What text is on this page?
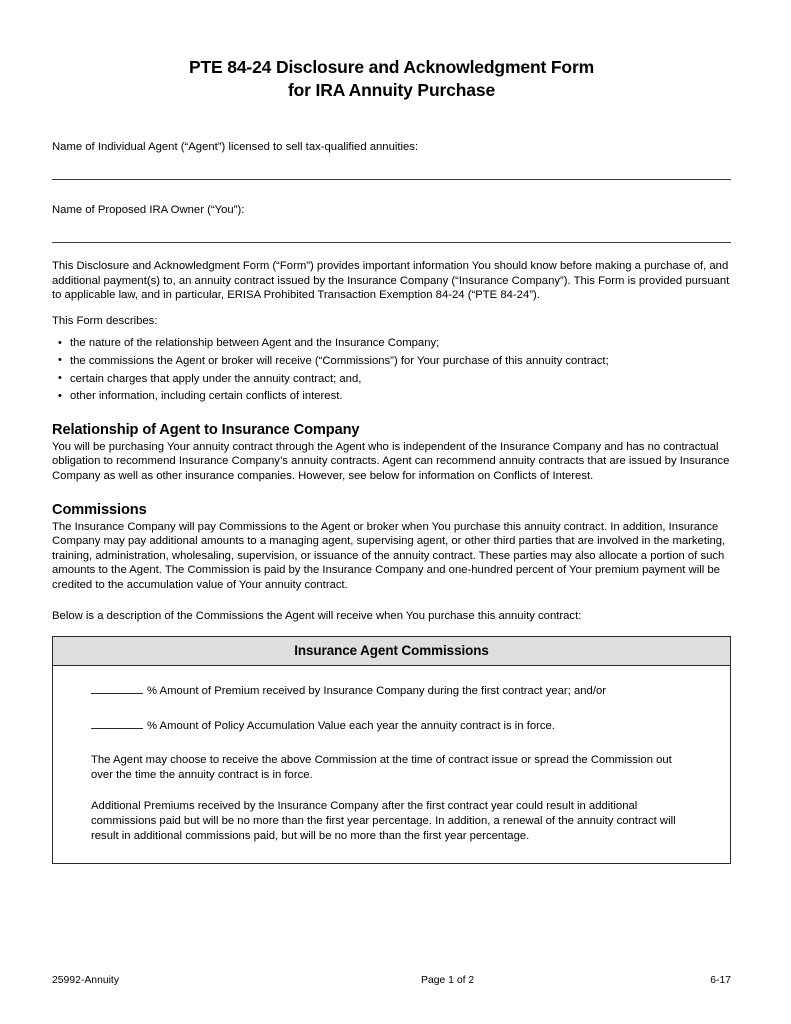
PTE 84-24 Disclosure and Acknowledgment Form
for IRA Annuity Purchase
Name of Individual Agent (“Agent”) licensed to sell tax-qualified annuities:
Name of Proposed IRA Owner (“You”):
This Disclosure and Acknowledgment Form (“Form”) provides important information You should know before making a purchase of, and additional payment(s) to, an annuity contract issued by the Insurance Company (“Insurance Company”). This Form is provided pursuant to applicable law, and in particular, ERISA Prohibited Transaction Exemption 84-24 (“PTE 84-24”).
This Form describes:
• the nature of the relationship between Agent and the Insurance Company;
• the commissions the Agent or broker will receive (“Commissions”) for Your purchase of this annuity contract;
• certain charges that apply under the annuity contract; and,
• other information, including certain conflicts of interest.
Relationship of Agent to Insurance Company
You will be purchasing Your annuity contract through the Agent who is independent of the Insurance Company and has no contractual obligation to recommend Insurance Company’s annuity contracts. Agent can recommend annuity contracts that are issued by Insurance Company as well as other insurance companies. However, see below for information on Conflicts of Interest.
Commissions
The Insurance Company will pay Commissions to the Agent or broker when You purchase this annuity contract. In addition, Insurance Company may pay additional amounts to a managing agent, supervising agent, or other third parties that are involved in the marketing, training, administration, wholesaling, supervision, or issuance of the annuity contract. These parties may also allocate a portion of such amounts to the Agent. The Commission is paid by the Insurance Company and one-hundred percent of Your premium payment will be credited to the accumulation value of Your annuity contract.
Below is a description of the Commissions the Agent will receive when You purchase this annuity contract:
Insurance Agent Commissions
% Amount of Premium received by Insurance Company during the first contract year; and/or
% Amount of Policy Accumulation Value each year the annuity contract is in force.
The Agent may choose to receive the above Commission at the time of contract issue or spread the Commission out over the time the annuity contract is in force.
Additional Premiums received by the Insurance Company after the first contract year could result in additional commissions paid but will be no more than the first year percentage. In addition, a renewal of the annuity contract will result in additional commissions paid, but will be no more than the first year percentage.
25992-Annuity	Page 1 of 2	6-17
